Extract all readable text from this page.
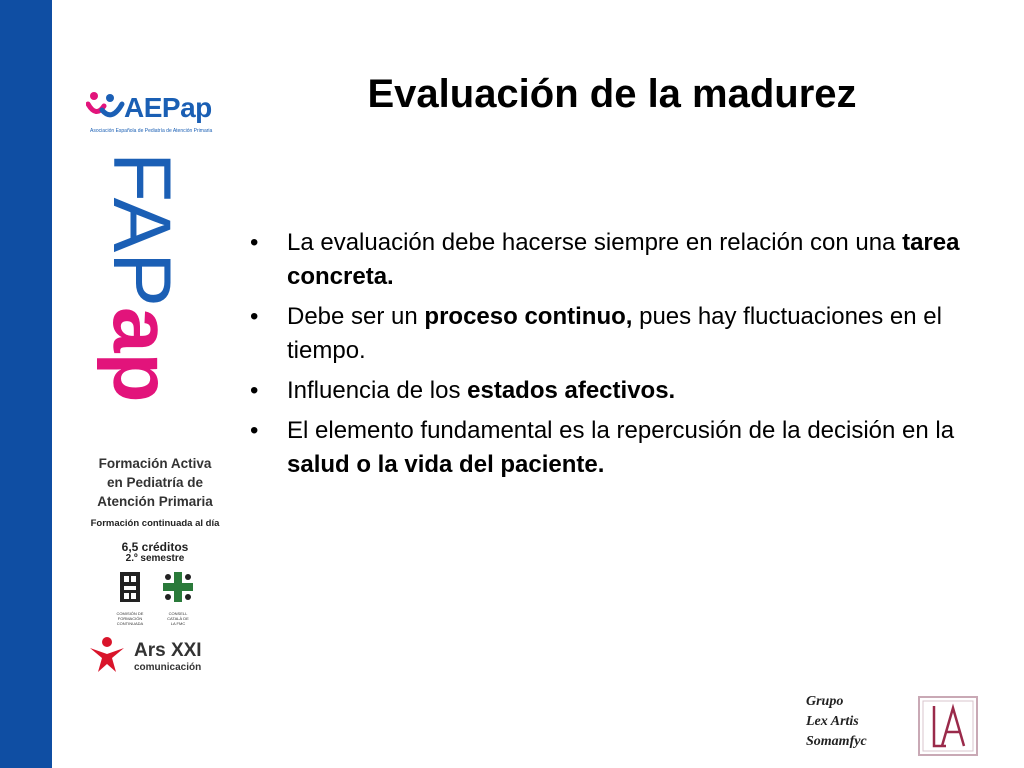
AEPap
Asociación Española de Pediatría de Atención Primaria
FAPap
Formación Activa
en Pediatría de
Atención Primaria
Formación continuada al día
6,5 créditos
2.º semestre
COMISIÓN DE
FORMACIÓN
CONTINUADA
CONSELL
CATALÀ DE
LA FMC
Ars XXI
comunicación
Evaluación de la madurez
• La evaluación debe hacerse siempre en relación con una tarea concreta.
• Debe ser un proceso continuo, pues hay fluctuaciones en el tiempo.
• Influencia de los estados afectivos.
• El elemento fundamental es la repercusión de la decisión en la salud o la vida del paciente.
Grupo
Lex Artis
Somamfyc
